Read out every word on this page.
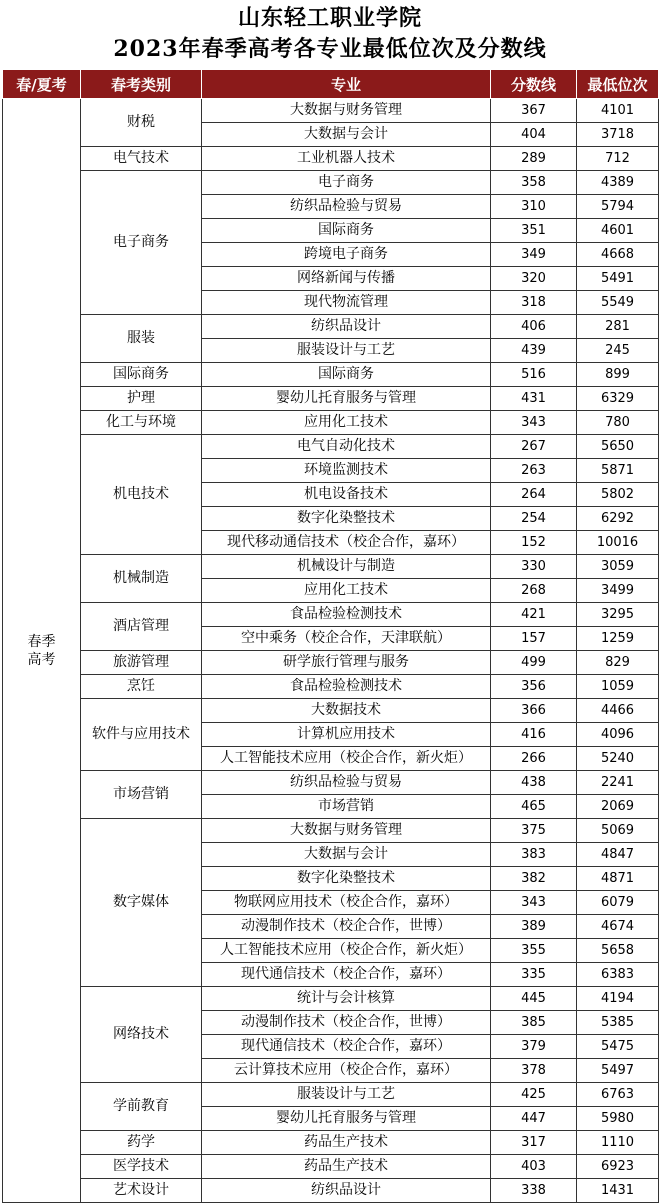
山东轻工职业学院
2023年春季高考各专业最低位次及分数线
春/夏考	春考类别	专业	分数线	最低位次

春季
高考	财税	大数据与财务管理	367	4101
		大数据与会计	404	3718
	电气技术	工业机器人技术	289	712
	电子商务	电子商务	358	4389
		纺织品检验与贸易	310	5794
		国际商务	351	4601
		跨境电子商务	349	4668
		网络新闻与传播	320	5491
		现代物流管理	318	5549
	服装	纺织品设计	406	281
		服装设计与工艺	439	245
	国际商务	国际商务	516	899
	护理	婴幼儿托育服务与管理	431	6329
	化工与环境	应用化工技术	343	780
	机电技术	电气自动化技术	267	5650
		环境监测技术	263	5871
		机电设备技术	264	5802
		数字化染整技术	254	6292
		现代移动通信技术（校企合作，嘉环）	152	10016
	机械制造	机械设计与制造	330	3059
		应用化工技术	268	3499
	酒店管理	食品检验检测技术	421	3295
		空中乘务（校企合作，天津联航）	157	1259
	旅游管理	研学旅行管理与服务	499	829
	烹饪	食品检验检测技术	356	1059
	软件与应用技术	大数据技术	366	4466
		计算机应用技术	416	4096
		人工智能技术应用（校企合作，新火炬）	266	5240
	市场营销	纺织品检验与贸易	438	2241
		市场营销	465	2069
	数字媒体	大数据与财务管理	375	5069
		大数据与会计	383	4847
		数字化染整技术	382	4871
		物联网应用技术（校企合作，嘉环）	343	6079
		动漫制作技术（校企合作，世博）	389	4674
		人工智能技术应用（校企合作，新火炬）	355	5658
		现代通信技术（校企合作，嘉环）	335	6383
	网络技术	统计与会计核算	445	4194
		动漫制作技术（校企合作，世博）	385	5385
		现代通信技术（校企合作，嘉环）	379	5475
		云计算技术应用（校企合作，嘉环）	378	5497
	学前教育	服装设计与工艺	425	6763
		婴幼儿托育服务与管理	447	5980
	药学	药品生产技术	317	1110
	医学技术	药品生产技术	403	6923
	艺术设计	纺织品设计	338	1431
